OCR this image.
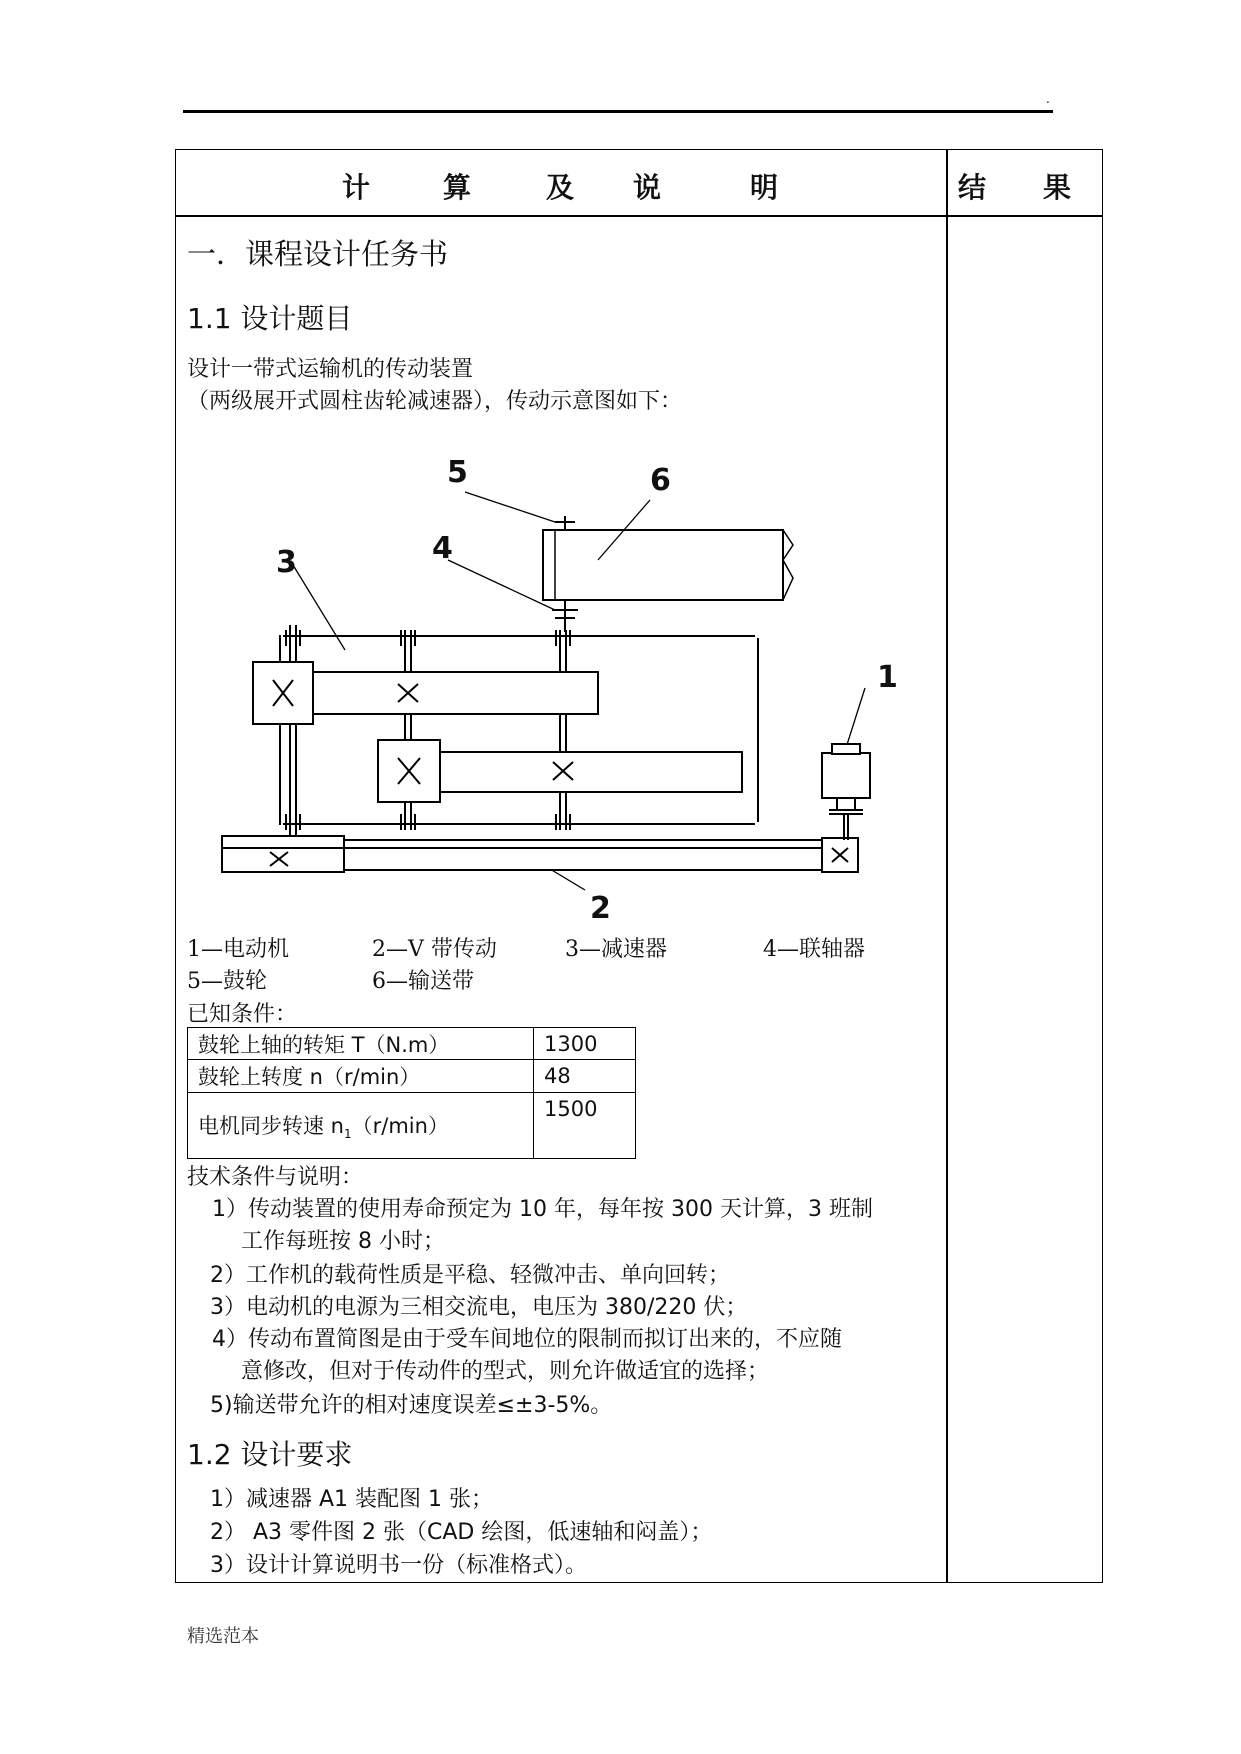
.
计	算	及 说	明	结 果
一．课程设计任务书
1.1 设计题目
设计一带式运输机的传动装置
（两级展开式圆柱齿轮减速器），传动示意图如下：
1
2
3	4
5	6
1—电动机	2—V 带传动	3—减速器	4—联轴器
5—鼓轮	6—输送带
已知条件：
鼓轮上轴的转矩 T（N.m）	1300
鼓轮上转度 n（r/min）	48
电机同步转速 $n_1(r/\min)$	1500
技术条件与说明：
1）传动装置的使用寿命预定为 10 年，每年按 300 天计算，3 班制
工作每班按 8 小时；
2）工作机的载荷性质是平稳、轻微冲击、单向回转；
3）电动机的电源为三相交流电，电压为 380/220 伏；
4）传动布置简图是由于受车间地位的限制而拟订出来的，不应随
意修改，但对于传动件的型式，则允许做适宜的选择；
5)输送带允许的相对速度误差≤±3-5%。
1.2 设计要求
1）减速器 A1 装配图 1 张；
2） A3 零件图 2 张（CAD 绘图，低速轴和闷盖）；
3）设计计算说明书一份（标准格式）。
精选范本
